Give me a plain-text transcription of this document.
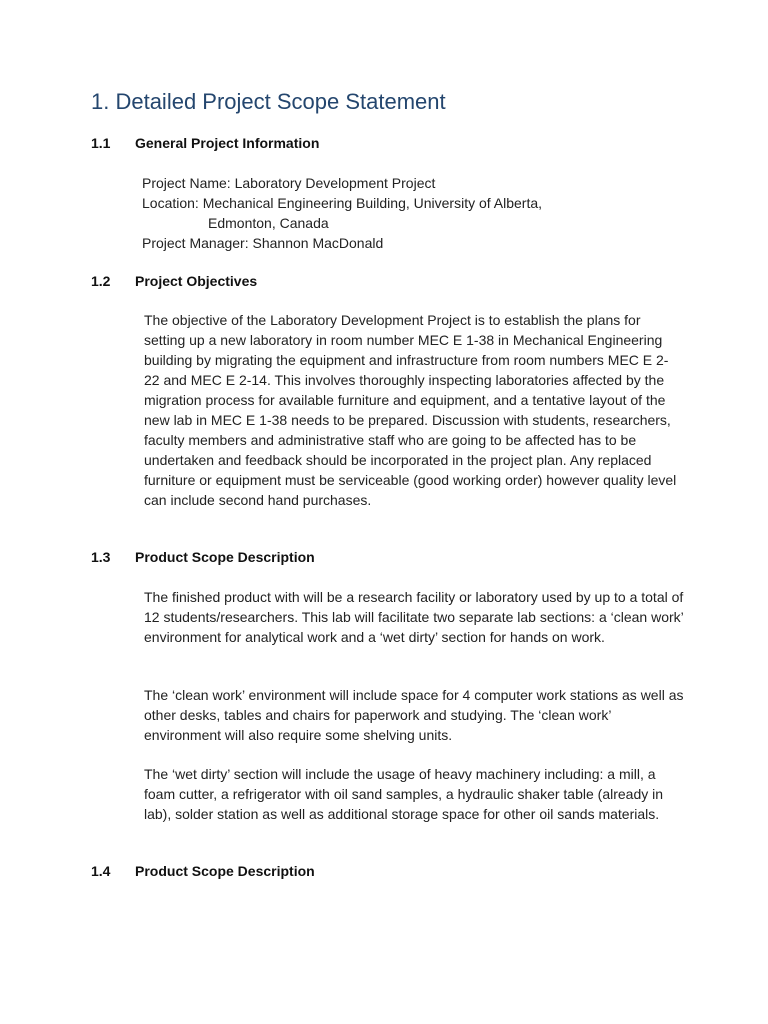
1. Detailed Project Scope Statement
1.1 General Project Information
Project Name: Laboratory Development Project
Location: Mechanical Engineering Building, University of Alberta,
Edmonton, Canada
Project Manager: Shannon MacDonald
1.2 Project Objectives

The objective of the Laboratory Development Project is to establish the plans for setting up a new laboratory in room number MEC E 1-38 in Mechanical Engineering building by migrating the equipment and infrastructure from room numbers MEC E 2-22 and MEC E 2-14. This involves thoroughly inspecting laboratories affected by the migration process for available furniture and equipment, and a tentative layout of the new lab in MEC E 1-38 needs to be prepared. Discussion with students, researchers, faculty members and administrative staff who are going to be affected has to be undertaken and feedback should be incorporated in the project plan. Any replaced furniture or equipment must be serviceable (good working order) however quality level can include second hand purchases.

1.3 Product Scope Description

The finished product with will be a research facility or laboratory used by up to a total of 12 students/researchers. This lab will facilitate two separate lab sections: a ‘clean work’ environment for analytical work and a ‘wet dirty’ section for hands on work.

The ‘clean work’ environment will include space for 4 computer work stations as well as other desks, tables and chairs for paperwork and studying. The ‘clean work’ environment will also require some shelving units.

The ‘wet dirty’ section will include the usage of heavy machinery including: a mill, a foam cutter, a refrigerator with oil sand samples, a hydraulic shaker table (already in lab), solder station as well as additional storage space for other oil sands materials.

1.4 Product Scope Description
